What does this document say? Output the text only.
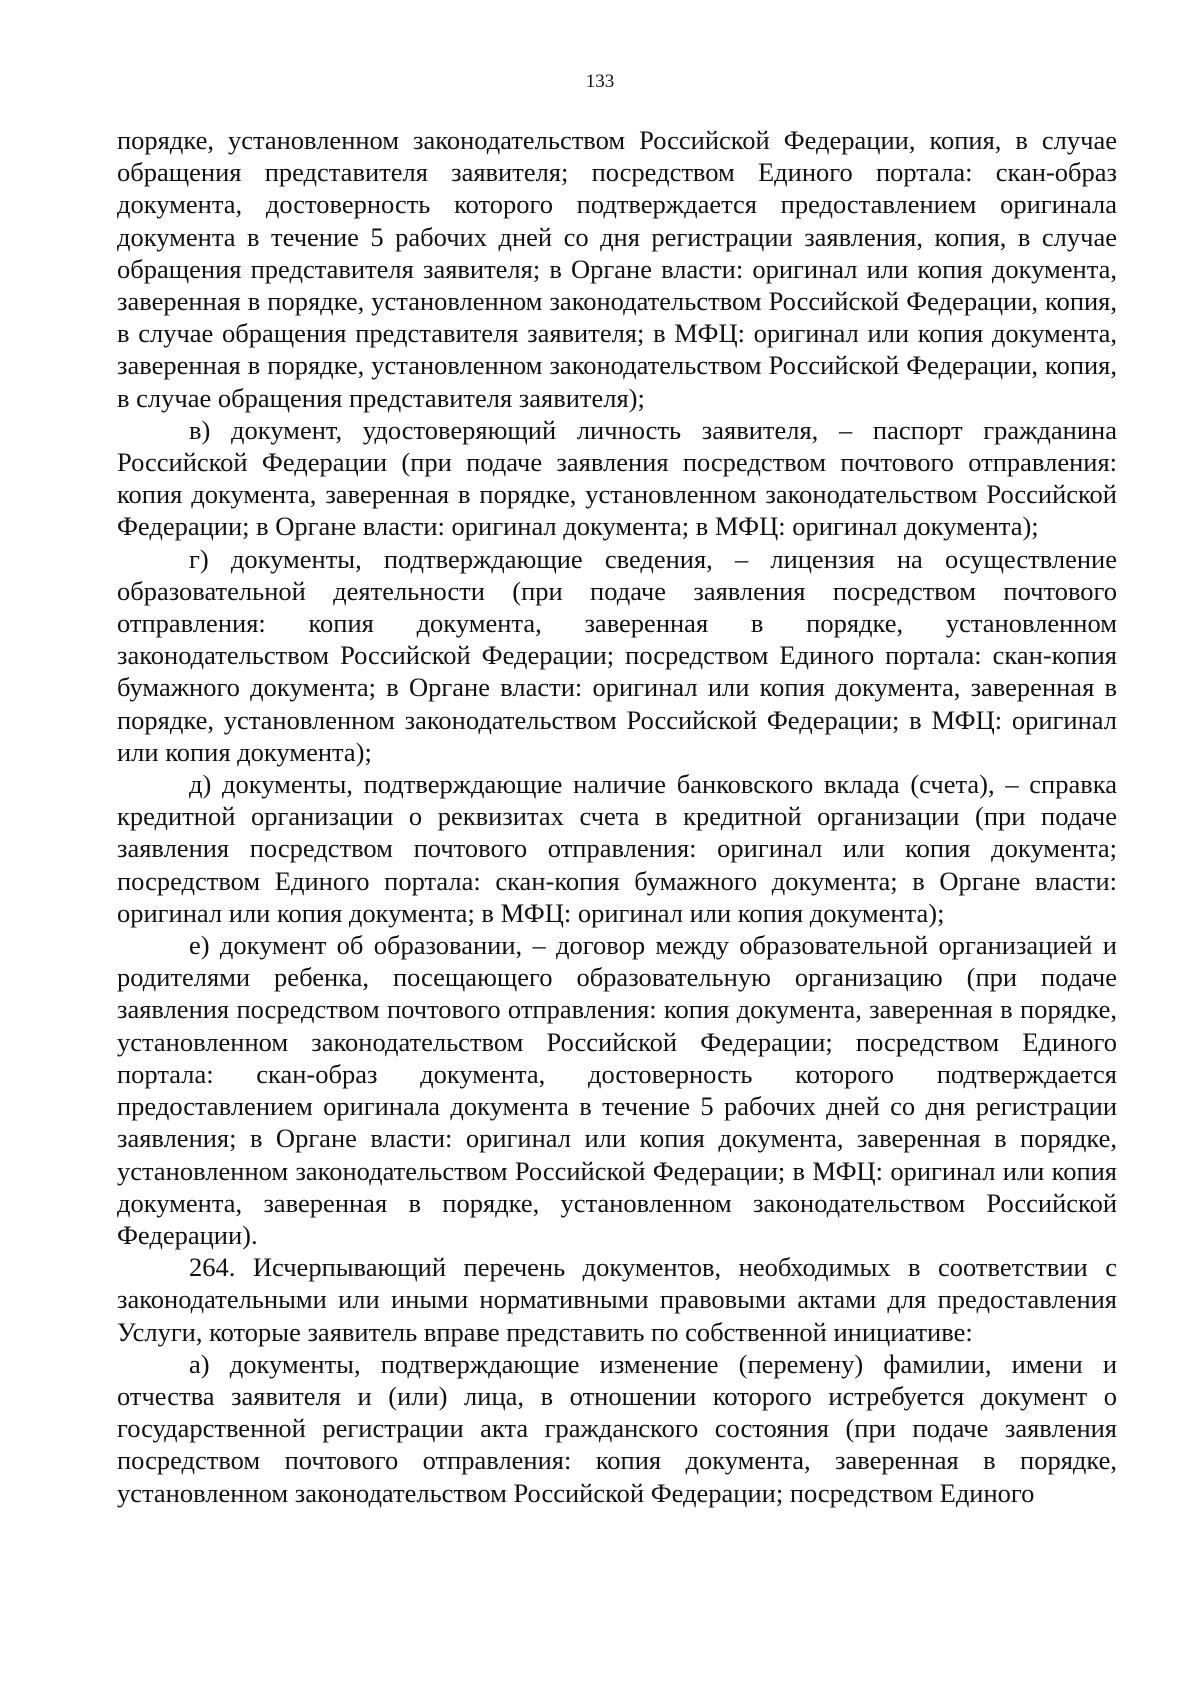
133

порядке, установленном законодательством Российской Федерации, копия, в случае обращения представителя заявителя; посредством Единого портала: скан-образ документа, достоверность которого подтверждается предоставлением оригинала документа в течение 5 рабочих дней со дня регистрации заявления, копия, в случае обращения представителя заявителя; в Органе власти: оригинал или копия документа, заверенная в порядке, установленном законодательством Российской Федерации, копия, в случае обращения представителя заявителя; в МФЦ: оригинал или копия документа, заверенная в порядке, установленном законодательством Российской Федерации, копия, в случае обращения представителя заявителя);

в) документ, удостоверяющий личность заявителя, – паспорт гражданина Российской Федерации (при подаче заявления посредством почтового отправления: копия документа, заверенная в порядке, установленном законодательством Российской Федерации; в Органе власти: оригинал документа; в МФЦ: оригинал документа);

г) документы, подтверждающие сведения, – лицензия на осуществление образовательной деятельности (при подаче заявления посредством почтового отправления: копия документа, заверенная в порядке, установленном законодательством Российской Федерации; посредством Единого портала: скан-копия бумажного документа; в Органе власти: оригинал или копия документа, заверенная в порядке, установленном законодательством Российской Федерации; в МФЦ: оригинал или копия документа);

д) документы, подтверждающие наличие банковского вклада (счета), – справка кредитной организации о реквизитах счета в кредитной организации (при подаче заявления посредством почтового отправления: оригинал или копия документа; посредством Единого портала: скан-копия бумажного документа; в Органе власти: оригинал или копия документа; в МФЦ: оригинал или копия документа);

е) документ об образовании, – договор между образовательной организацией и родителями ребенка, посещающего образовательную организацию (при подаче заявления посредством почтового отправления: копия документа, заверенная в порядке, установленном законодательством Российской Федерации; посредством Единого портала: скан-образ документа, достоверность которого подтверждается предоставлением оригинала документа в течение 5 рабочих дней со дня регистрации заявления; в Органе власти: оригинал или копия документа, заверенная в порядке, установленном законодательством Российской Федерации; в МФЦ: оригинал или копия документа, заверенная в порядке, установленном законодательством Российской Федерации).

264. Исчерпывающий перечень документов, необходимых в соответствии с законодательными или иными нормативными правовыми актами для предоставления Услуги, которые заявитель вправе представить по собственной инициативе:

а) документы, подтверждающие изменение (перемену) фамилии, имени и отчества заявителя и (или) лица, в отношении которого истребуется документ о государственной регистрации акта гражданского состояния (при подаче заявления посредством почтового отправления: копия документа, заверенная в порядке, установленном законодательством Российской Федерации; посредством Единого
